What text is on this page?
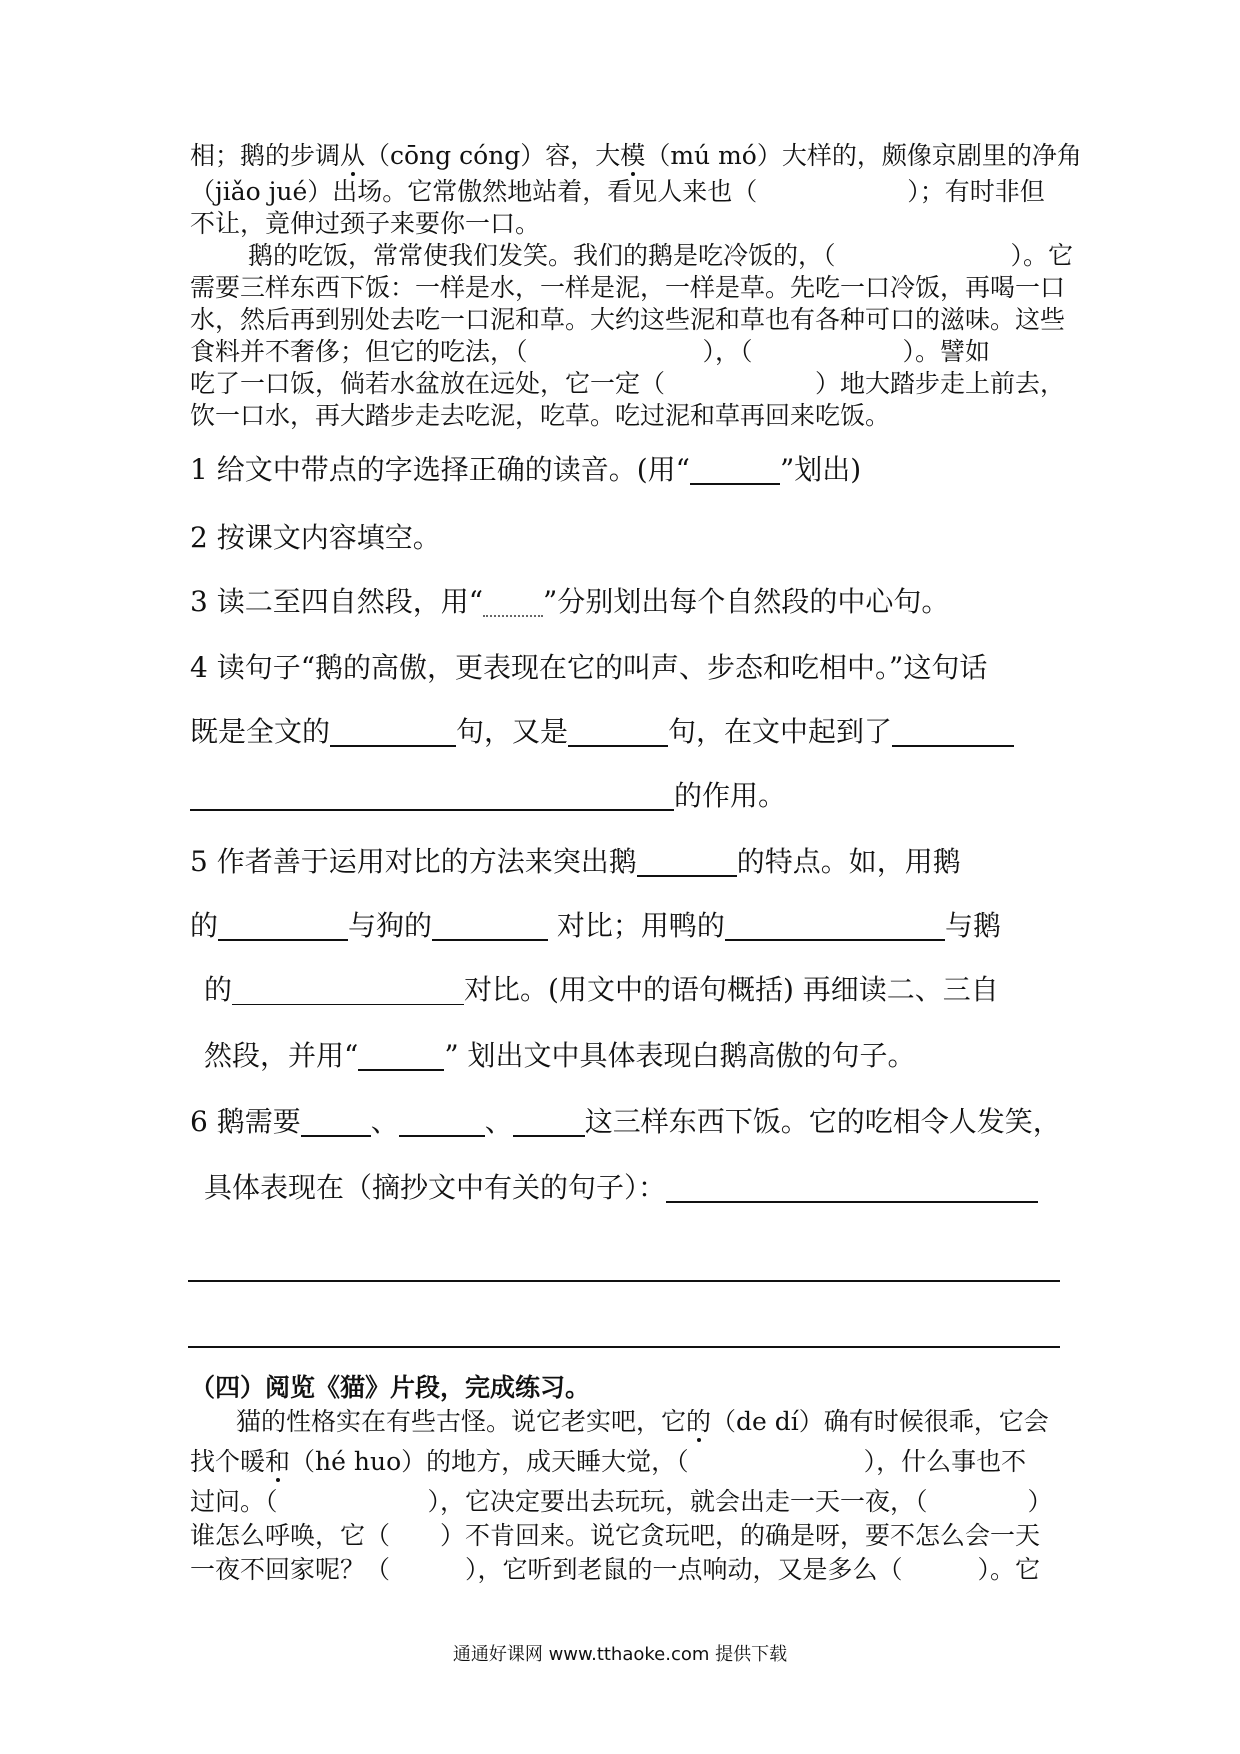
相；鹅的步调从（cōng cóng）容，大模（mú mó）大样的，颇像京剧里的净角
（jiǎo jué）出场。它常傲然地站着，看见人来也（　　　　　　）；有时非但
不让，竟伸过颈子来要你一口。
鹅的吃饭，常常使我们发笑。我们的鹅是吃冷饭的，（　　　　　　　）。它
需要三样东西下饭：一样是水，一样是泥，一样是草。先吃一口冷饭，再喝一口
水，然后再到别处去吃一口泥和草。大约这些泥和草也有各种可口的滋味。这些
食料并不奢侈；但它的吃法，（　　　　　　　），（　　　　　　）。譬如
吃了一口饭，倘若水盆放在远处，它一定（　　　　　　）地大踏步走上前去，
饮一口水，再大踏步走去吃泥，吃草。吃过泥和草再回来吃饭。
1 给文中带点的字选择正确的读音。(用“	”划出)
2 按课文内容填空。
3 读二至四自然段，用“ ”分别划出每个自然段的中心句。
4 读句子“鹅的高傲，更表现在它的叫声、步态和吃相中。”这句话
既是全文的	句，又是	句，在文中起到了
的作用。
5 作者善于运用对比的方法来突出鹅	的特点。如，用鹅
的	与狗的	对比；用鸭的	与鹅
的	对比。(用文中的语句概括) 再细读二、三自
然段，并用“	” 划出文中具体表现白鹅高傲的句子。
6 鹅需要	、	、	这三样东西下饭。它的吃相令人发笑，
具体表现在（摘抄文中有关的句子）：
（四）阅览《猫》片段，完成练习。
猫的性格实在有些古怪。说它老实吧，它的（de dí）确有时候很乖，它会
找个暖和（hé huo）的地方，成天睡大觉，（　　　　　　　），什么事也不
过问。（　　　　　　），它决定要出去玩玩，就会出走一天一夜，（　　　　）
谁怎么呼唤，它（　　）不肯回来。说它贪玩吧，的确是呀，要不怎么会一天
一夜不回家呢？（　　　），它听到老鼠的一点响动，又是多么（　　　）。它
通通好课网 www.tthaoke.com 提供下载
